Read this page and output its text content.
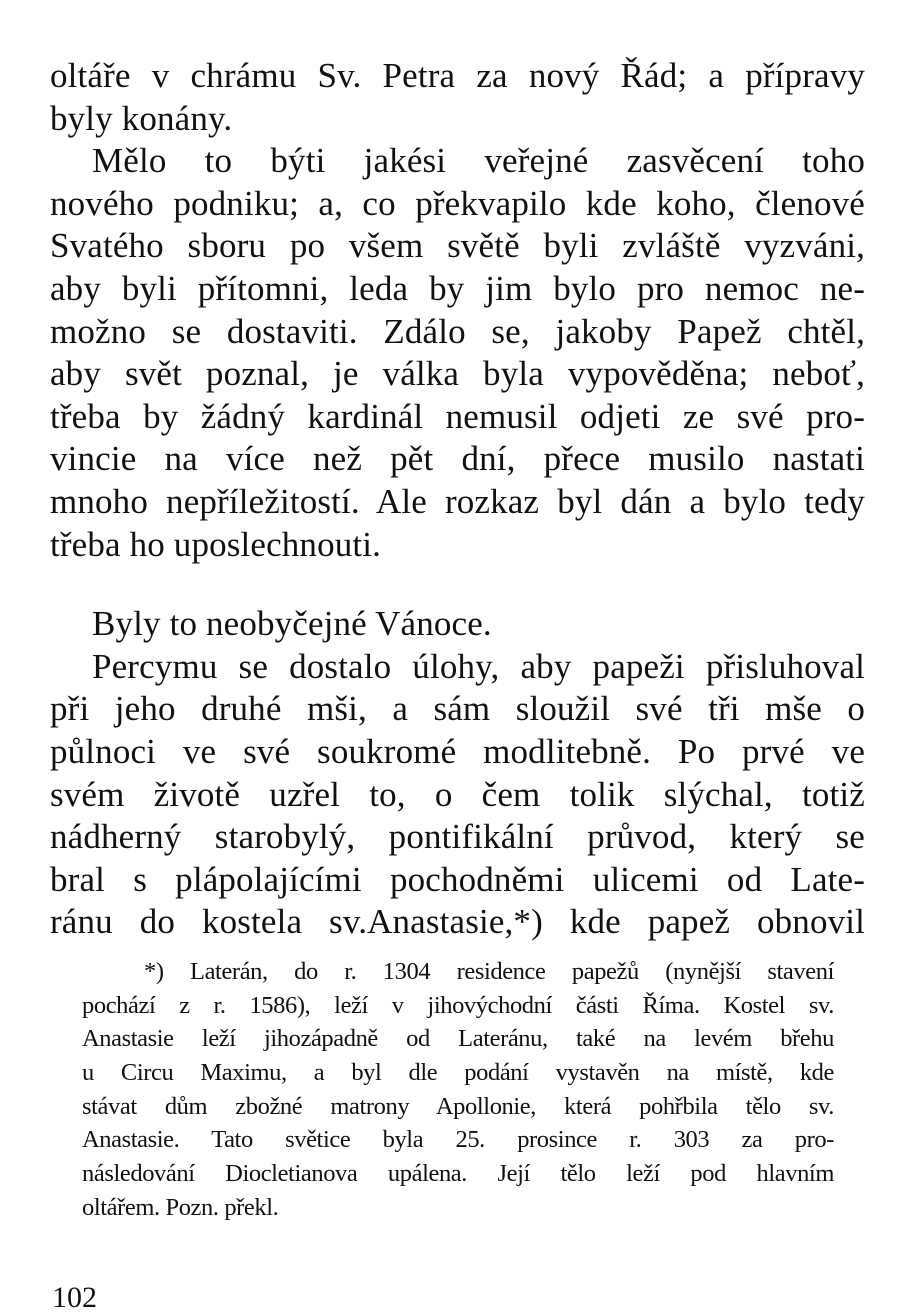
oltáře v chrámu Sv. Petra za nový Řád; a přípravy
byly konány.
Mělo to býti jakési veřejné zasvěcení toho
nového podniku; a, co překvapilo kde koho, členové
Svatého sboru po všem světě byli zvláště vyzváni,
aby byli přítomni, leda by jim bylo pro nemoc ne-
možno se dostaviti. Zdálo se, jakoby Papež chtěl,
aby svět poznal, je válka byla vypověděna; neboť,
třeba by žádný kardinál nemusil odjeti ze své pro-
vincie na více než pět dní, přece musilo nastati
mnoho nepříležitostí. Ale rozkaz byl dán a bylo tedy
třeba ho uposlechnouti.
Byly to neobyčejné Vánoce.
Percymu se dostalo úlohy, aby papeži přisluhoval
při jeho druhé mši, a sám sloužil své tři mše o
půlnoci ve své soukromé modlitebně. Po prvé ve
svém životě uzřel to, o čem tolik slýchal, totiž
nádherný starobylý, pontifikální průvod, který se
bral s plápolajícími pochodněmi ulicemi od Late-
ránu do kostela sv.Anastasie,*) kde papež obnovil
*) Laterán, do r. 1304 residence papežů (nynější stavení
pochází z r. 1586), leží v jihovýchodní části Říma. Kostel sv.
Anastasie leží jihozápadně od Lateránu, také na levém břehu
u Circu Maximu, a byl dle podání vystavěn na místě, kde
stávat dům zbožné matrony Apollonie, která pohřbila tělo sv.
Anastasie. Tato světice byla 25. prosince r. 303 za pro-
následování Diocletianova upálena. Její tělo leží pod hlavním
oltářem. Pozn. překl.
102
